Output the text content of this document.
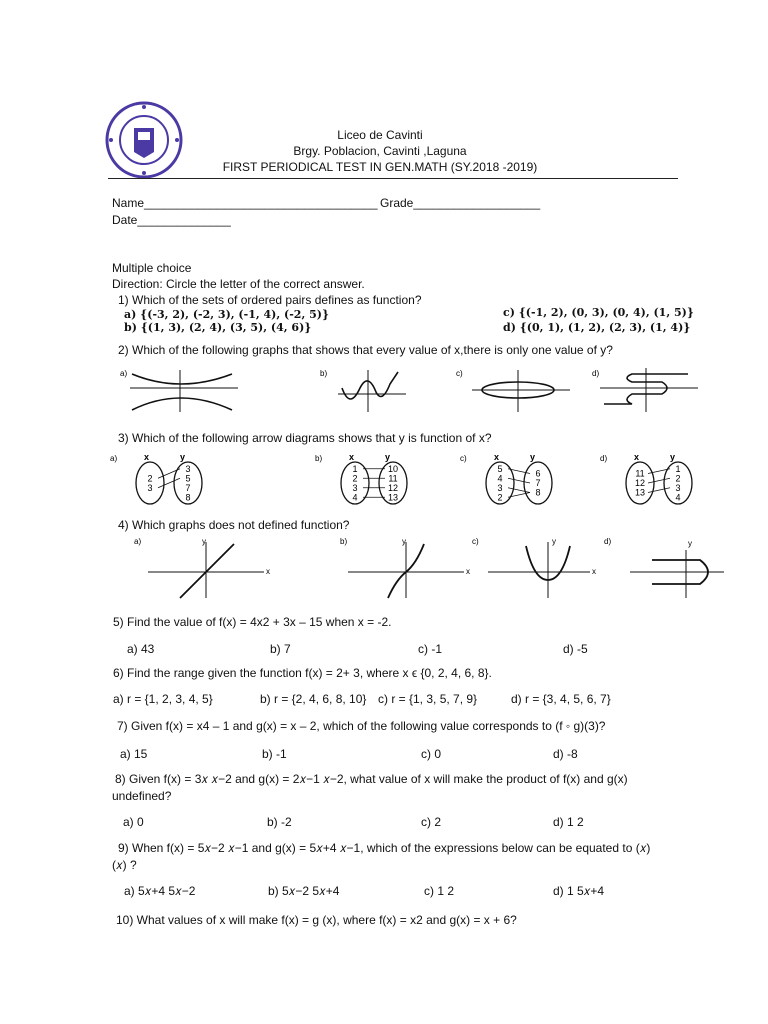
Liceo de Cavinti
Brgy. Poblacion, Cavinti ,Laguna
FIRST PERIODICAL TEST IN GEN.MATH (SY.2018 -2019)
Name___________________________________ Grade___________________
Date______________
Multiple choice
Direction: Circle the letter of the correct answer.
1) Which of the sets of ordered pairs defines as function?
a) {(-3, 2), (-2, 3), (-1, 4), (-2, 5)}
b) {(1, 3), (2, 4), (3, 5), (4, 6)}
c) {(-1, 2), (0, 3), (0, 4), (1, 5)}
d) {(0, 1), (1, 2), (2, 3), (1, 4)}
2) Which of the following graphs that shows that every value of x,there is only one value of y?
a)	b)	c)	d)
3) Which of the following arrow diagrams shows that y is function of x?
a)	x	y
2
3
3
5
7
8
b)	x	y
1
2
3
4
10
11
12
13
c)	x	y
5
4
3
2
6
7
8
d)	x	y
11
12
13
1
2
3
4
4) Which graphs does not defined function?
a)	y
x
b)	y
x
c)	y
x
d)	y
5) Find the value of f(x) = 4x2 + 3x – 15 when x = -2.
a) 43	b) 7	c) -1	d) -5
6) Find the range given the function f(x) = 2+ 3, where x ϵ {0, 2, 4, 6, 8}.
a) r = {1, 2, 3, 4, 5}	b) r = {2, 4, 6, 8, 10} c) r = {1, 3, 5, 7, 9}	d) r = {3, 4, 5, 6, 7}
7) Given f(x) = x4 – 1 and g(x) = x – 2, which of the following value corresponds to (f ◦ g)(3)?
a) 15	b) -1	c) 0	d) -8
8) Given f(x) = 3𝑥 𝑥−2 and g(x) = 2𝑥−1 𝑥−2, what value of x will make the product of f(x) and g(x)
undefined?
a) 0	b) -2	c) 2	d) 1 2
9) When f(x) = 5𝑥−2 𝑥−1 and g(x) = 5𝑥+4 𝑥−1, which of the expressions below can be equated to (𝑥)
(𝑥) ?
a) 5𝑥+4 5𝑥−2	b) 5𝑥−2 5𝑥+4	c) 1 2	d) 1 5𝑥+4
10) What values of x will make f(x) = g (x), where f(x) = x2 and g(x) = x + 6?
